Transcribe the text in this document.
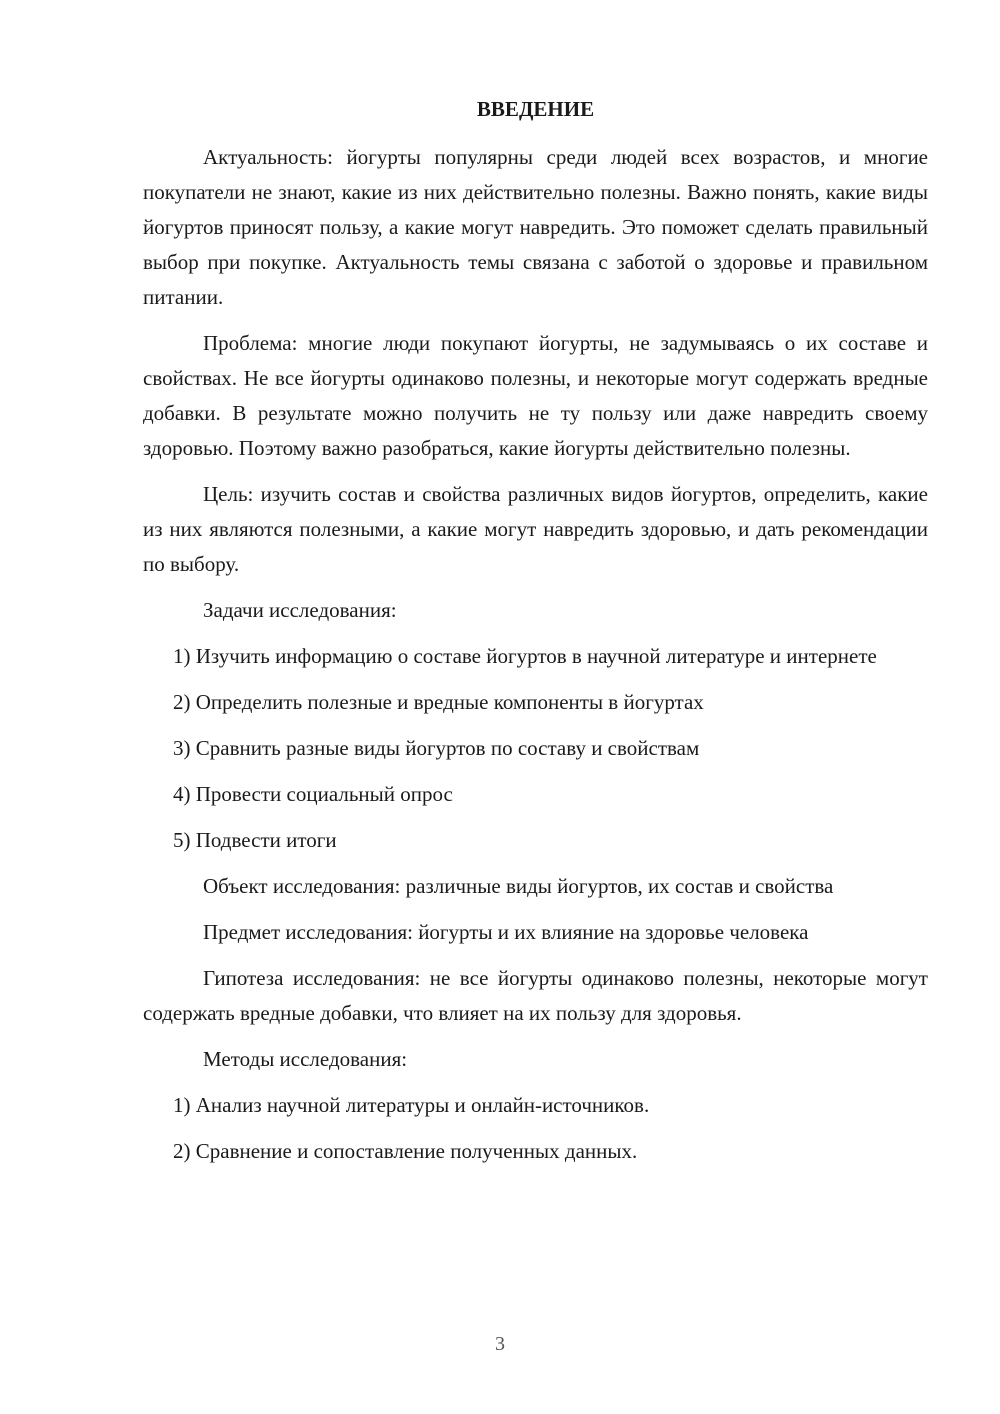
ВВЕДЕНИЕ

Актуальность: йогурты популярны среди людей всех возрастов, и многие покупатели не знают, какие из них действительно полезны. Важно понять, какие виды йогуртов приносят пользу, а какие могут навредить. Это поможет сделать правильный выбор при покупке. Актуальность темы связана с заботой о здоровье и правильном питании.

Проблема: многие люди покупают йогурты, не задумываясь о их составе и свойствах. Не все йогурты одинаково полезны, и некоторые могут содержать вредные добавки. В результате можно получить не ту пользу или даже навредить своему здоровью. Поэтому важно разобраться, какие йогурты действительно полезны.

Цель: изучить состав и свойства различных видов йогуртов, определить, какие из них являются полезными, а какие могут навредить здоровью, и дать рекомендации по выбору.

Задачи исследования:

1) Изучить информацию о составе йогуртов в научной литературе и интернете

2) Определить полезные и вредные компоненты в йогуртах

3) Сравнить разные виды йогуртов по составу и свойствам

4) Провести социальный опрос

5) Подвести итоги

Объект исследования: различные виды йогуртов, их состав и свойства

Предмет исследования: йогурты и их влияние на здоровье человека

Гипотеза исследования: не все йогурты одинаково полезны, некоторые могут содержать вредные добавки, что влияет на их пользу для здоровья.

Методы исследования:

1) Анализ научной литературы и онлайн-источников.

2) Сравнение и сопоставление полученных данных.

3
